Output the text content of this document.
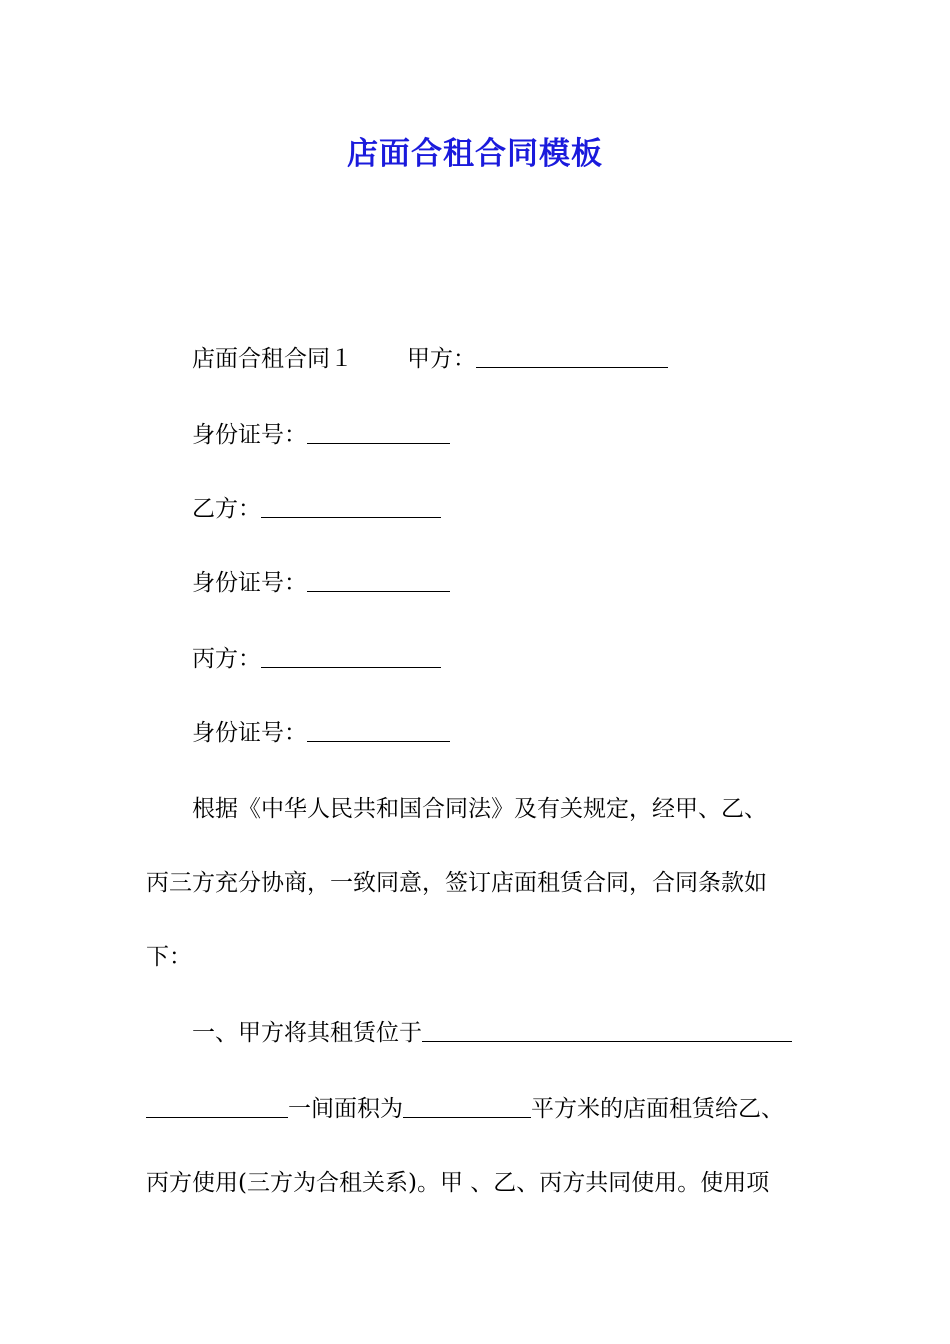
店面合租合同模板
店面合租合同１ 甲方：
身份证号：
乙方：
身份证号：
丙方：
身份证号：
根据《中华人民共和国合同法》及有关规定，经甲、乙、
丙三方充分协商，一致同意，签订店面租赁合同，合同条款如
下：
一、甲方将其租赁位于
一间面积为	平方米的店面租赁给乙、
丙方使用(三方为合租关系)。甲 、乙、丙方共同使用。使用项
